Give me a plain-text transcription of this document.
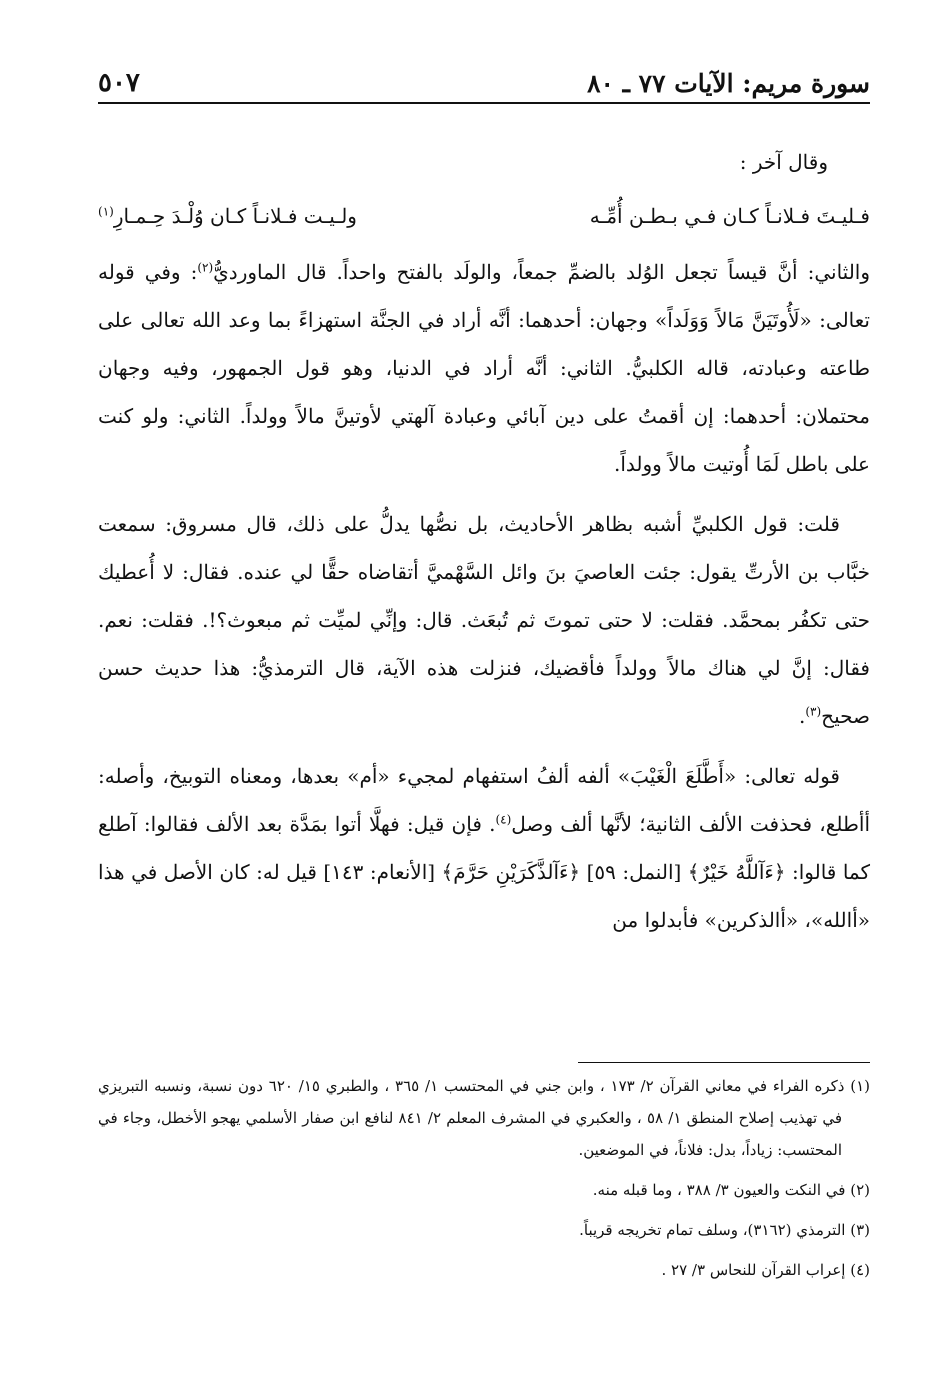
سورة مريم: الآيات ٧٧ ـ ٨٠
٥٠٧

وقال آخر :

فـليـتَ فـلانـاً كـان فـي بـطـن أُمِّـه
ولـيـت فـلانـاً كـان وُلْـدَ حِـمـارِ$^{(١)}$

والثاني: أنَّ قيساً تجعل الوُلد بالضمِّ جمعاً، والولَد بالفتح واحداً. قال الماورديُّ$^{(٢)}$: وفي قوله تعالى: «لَأُوتَيَنَّ مَالاً وَوَلَداً» وجهان: أحدهما: أنَّه أراد في الجنَّة استهزاءً بما وعد الله تعالى على طاعته وعبادته، قاله الكلبيُّ. الثاني: أنَّه أراد في الدنيا، وهو قول الجمهور، وفيه وجهان محتملان: أحدهما: إن أقمتُ على دين آبائي وعبادة آلهتي لأوتينَّ مالاً وولداً. الثاني: ولو كنت على باطل لَمَا أُوتيت مالاً وولداً.

قلت: قول الكلبيِّ أشبه بظاهر الأحاديث، بل نصُّها يدلُّ على ذلك، قال مسروق: سمعت خبَّاب بن الأرتِّ يقول: جئت العاصيَ بنَ وائل السَّهْميَّ أتقاضاه حقًّا لي عنده. فقال: لا أُعطيك حتى تكفُر بمحمَّد. فقلت: لا حتى تموتَ ثم تُبعَث. قال: وإنِّي لميِّت ثم مبعوث؟!. فقلت: نعم. فقال: إنَّ لي هناك مالاً وولداً فأقضيك، فنزلت هذه الآية، قال الترمذيُّ: هذا حديث حسن صحيح$^{(٣)}$.

قوله تعالى: «أَطَّلَعَ الْغَيْبَ» ألفه ألفُ استفهام لمجيء «أم» بعدها، ومعناه التوبيخ، وأصله: أأطلع، فحذفت الألف الثانية؛ لأنَّها ألف وصل$^{(٤)}$. فإن قيل: فهلَّا أتوا بمَدَّة بعد الألف فقالوا: آطلع كما قالوا: ﴿ءَآللَّهُ خَيْرٌ﴾ [النمل: ٥٩] ﴿ءَآلذَّكَرَيْنِ حَرَّمَ﴾ [الأنعام: ١٤٣] قيل له: كان الأصل في هذا «أالله»، «أالذكرين» فأبدلوا من

(١) ذكره الفراء في معاني القرآن ٢/ ١٧٣ ، وابن جني في المحتسب ١/ ٣٦٥ ، والطبري ١٥/ ٦٢٠ دون نسبة، ونسبه التبريزي في تهذيب إصلاح المنطق ١/ ٥٨ ، والعكبري في المشرف المعلم ٢/ ٨٤١ لنافع ابن صفار الأسلمي يهجو الأخطل، وجاء في المحتسب: زياداً، بدل: فلاناً، في الموضعين.

(٢) في النكت والعيون ٣/ ٣٨٨ ، وما قبله منه.

(٣) الترمذي (٣١٦٢)، وسلف تمام تخريجه قريباً.

(٤) إعراب القرآن للنحاس ٣/ ٢٧ .
